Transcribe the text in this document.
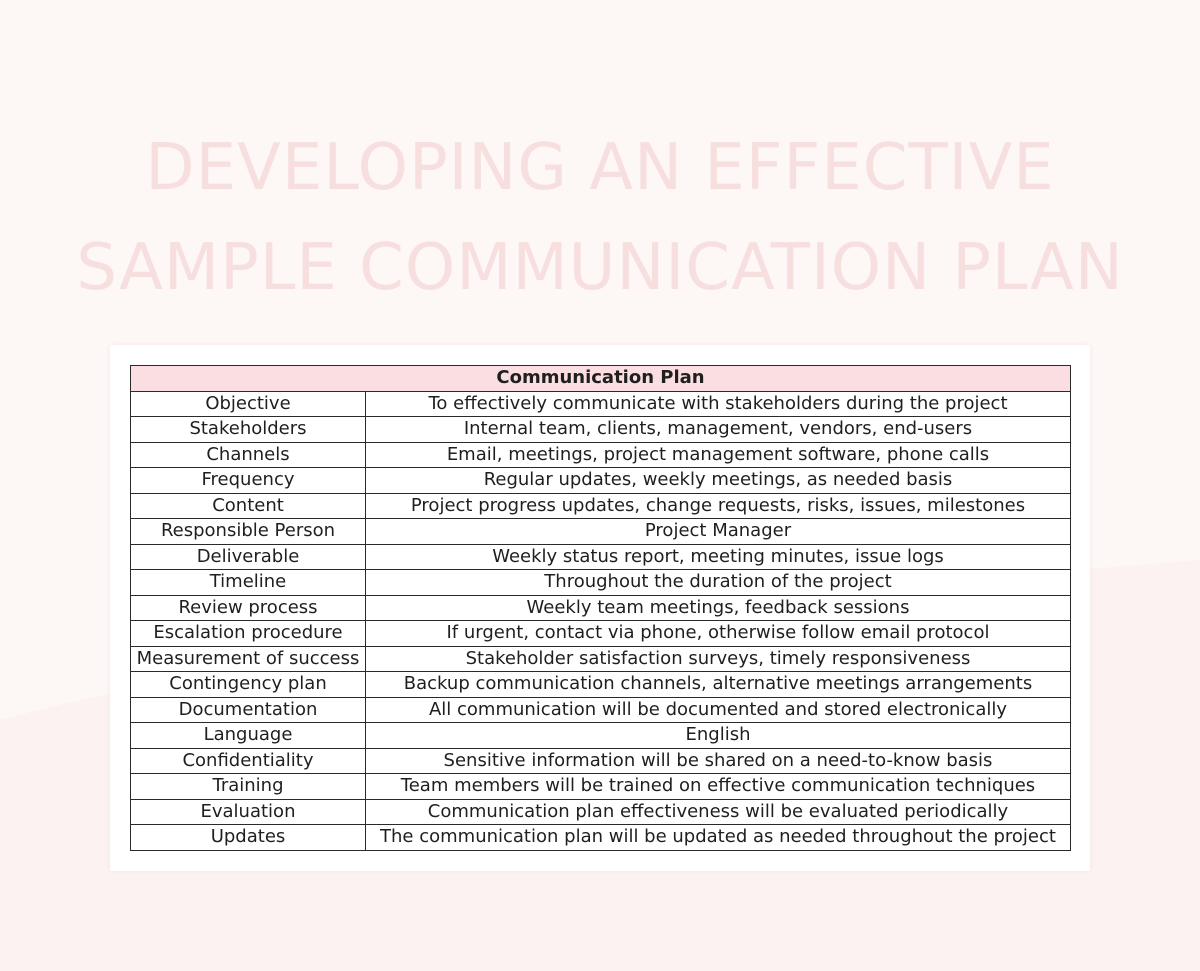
DEVELOPING AN EFFECTIVE
SAMPLE COMMUNICATION PLAN
Communication Plan	
Objective	To effectively communicate with stakeholders during the project
Stakeholders	Internal team, clients, management, vendors, end-users
Channels	Email, meetings, project management software, phone calls
Frequency	Regular updates, weekly meetings, as needed basis
Content	Project progress updates, change requests, risks, issues, milestones
Responsible Person	Project Manager
Deliverable	Weekly status report, meeting minutes, issue logs
Timeline	Throughout the duration of the project
Review process	Weekly team meetings, feedback sessions
Escalation procedure	If urgent, contact via phone, otherwise follow email protocol
Measurement of success	Stakeholder satisfaction surveys, timely responsiveness
Contingency plan	Backup communication channels, alternative meetings arrangements
Documentation	All communication will be documented and stored electronically
Language	English
Confidentiality	Sensitive information will be shared on a need-to-know basis
Training	Team members will be trained on effective communication techniques
Evaluation	Communication plan effectiveness will be evaluated periodically
Updates	The communication plan will be updated as needed throughout the project
